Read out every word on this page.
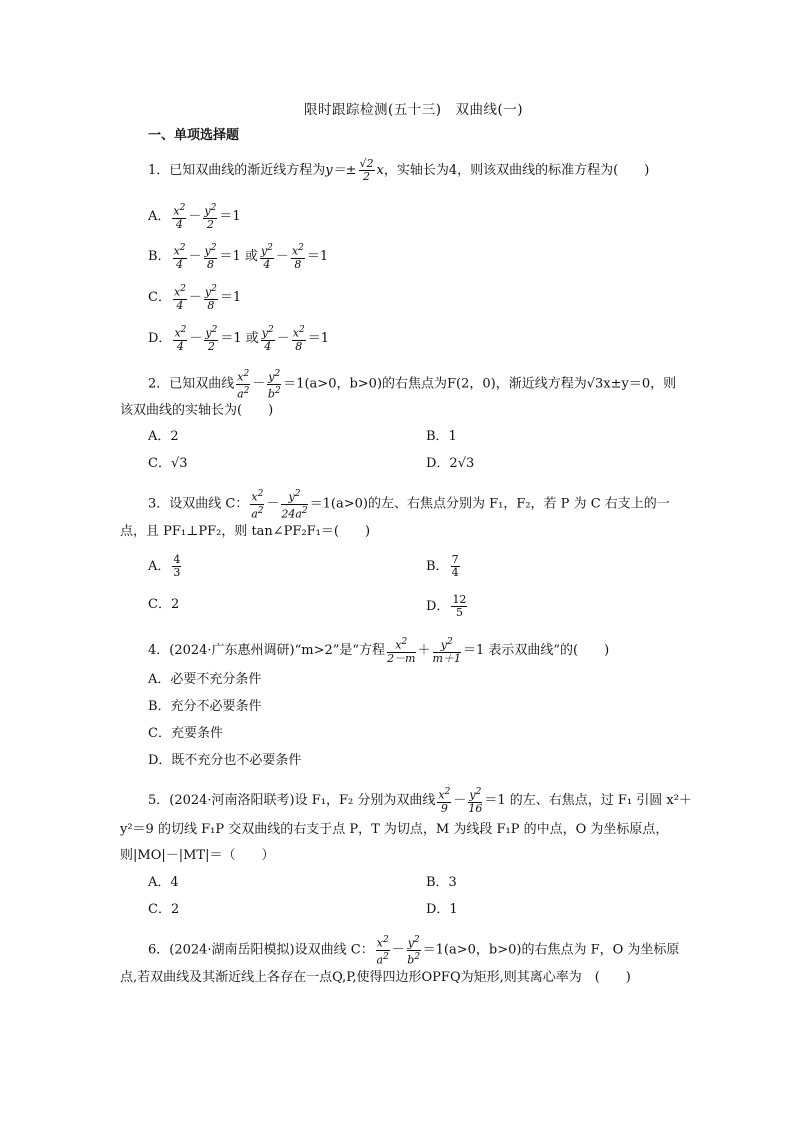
限时跟踪检测(五十三)　双曲线(一)
一、单项选择题
1．已知双曲线的渐近线方程为$y=\pm \frac{√2}{2}$ x，实轴长为4，则该双曲线的标准方程为(　　)
A． $\frac{x^2}{4} - \frac{y^2}{2} =1$
B． $\frac{x^2}{4} - \frac{y^2}{8} =1$ 或 $\frac{y^2}{4} - \frac{x^2}{8} =1$
C． $\frac{x^2}{4} - \frac{y^2}{8} =1$
D． $\frac{x^2}{4} - \frac{y^2}{2} =1$ 或 $\frac{y^2}{4} - \frac{x^2}{8} =1$
2．已知双曲线 $\frac{x^2}{a^2} - \frac{y^2}{b^2} =1(a>0$，b>0)的右焦点为F(2，0)，渐近线方程为√3x±y＝0，则
该双曲线的实轴长为(　　)
A．2	B．1
C．√3	D．2√3
3．设双曲线 C： $\frac{x^2}{a^2} - \frac{y^2}{24a^2} =1(a>0)$的左、右焦点分别为 F₁，F₂，若 P 为 C 右支上的一
点，且 PF₁⊥PF₂，则 tan∠PF₂F₁＝(　　)
A． $\frac{4}{3}$	B． $\frac{7}{4}$
C．2	D． $\frac{12}{5}$
4．(2024·广东惠州调研)“m>2”是“方程 $\frac{x^2}{2-m} + \frac{y^2}{m+1} =1$ 表示双曲线”的(　　)
A．必要不充分条件
B．充分不必要条件
C．充要条件
D．既不充分也不必要条件
5．(2024·河南洛阳联考)设 F₁，F₂ 分别为双曲线 $\frac{x^2}{9} - \frac{y^2}{16} =1$ 的左、右焦点，过 F₁ 引圆 x²＋
y²＝9 的切线 F₁P 交双曲线的右支于点 P，T 为切点，M 为线段 F₁P 的中点，O 为坐标原点，
则|MO|－|MT|＝（　　）
A．4	B．3
C．2	D．1
6．(2024·湖南岳阳模拟)设双曲线 C： $\frac{x^2}{a^2} - \frac{y^2}{b^2} =1(a>0$，b>0)的右焦点为 F，O 为坐标原
点,若双曲线及其渐近线上各存在一点Q,P,使得四边形OPFQ为矩形,则其离心率为　(　　)
